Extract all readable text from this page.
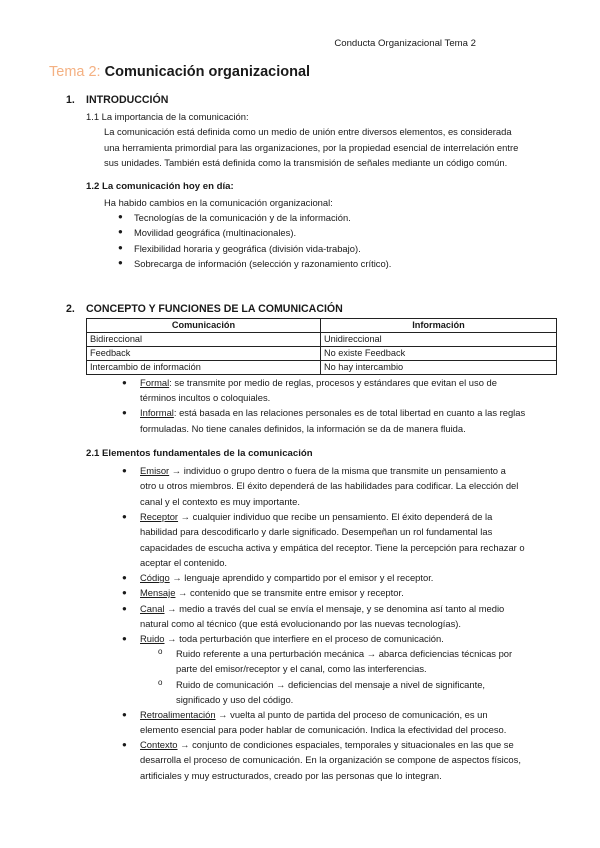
Conducta Organizacional Tema 2
Tema 2: Comunicación organizacional
1. INTRODUCCIÓN
1.1 La importancia de la comunicación:
La comunicación está definida como un medio de unión entre diversos elementos, es considerada
una herramienta primordial para las organizaciones, por la propiedad esencial de interrelación entre
sus unidades. También está definida como la transmisión de señales mediante un código común.
1.2 La comunicación hoy en día:
Ha habido cambios en la comunicación organizacional:
● Tecnologías de la comunicación y de la información.
● Movilidad geográfica (multinacionales).
● Flexibilidad horaria y geográfica (división vida-trabajo).
● Sobrecarga de información (selección y razonamiento crítico).
2. CONCEPTO Y FUNCIONES DE LA COMUNICACIÓN
Comunicación	Información
Bidireccional	Unidireccional
Feedback	No existe Feedback
Intercambio de información	No hay intercambio
● Formal: se transmite por medio de reglas, procesos y estándares que evitan el uso de
términos incultos o coloquiales.
● Informal: está basada en las relaciones personales es de total libertad en cuanto a las reglas
formuladas. No tiene canales definidos, la información se da de manera fluida.
2.1 Elementos fundamentales de la comunicación
● Emisor → individuo o grupo dentro o fuera de la misma que transmite un pensamiento a
otro u otros miembros. El éxito dependerá de las habilidades para codificar. La elección del
canal y el contexto es muy importante.
● Receptor → cualquier individuo que recibe un pensamiento. El éxito dependerá de la
habilidad para descodificarlo y darle significado. Desempeñan un rol fundamental las
capacidades de escucha activa y empática del receptor. Tiene la percepción para rechazar o
aceptar el contenido.
● Código → lenguaje aprendido y compartido por el emisor y el receptor.
● Mensaje → contenido que se transmite entre emisor y receptor.
● Canal → medio a través del cual se envía el mensaje, y se denomina así tanto al medio
natural como al técnico (que está evolucionando por las nuevas tecnologías).
● Ruido → toda perturbación que interfiere en el proceso de comunicación.
o Ruido referente a una perturbación mecánica → abarca deficiencias técnicas por
parte del emisor/receptor y el canal, como las interferencias.
o Ruido de comunicación → deficiencias del mensaje a nivel de significante,
significado y uso del código.
● Retroalimentación → vuelta al punto de partida del proceso de comunicación, es un
elemento esencial para poder hablar de comunicación. Indica la efectividad del proceso.
● Contexto → conjunto de condiciones espaciales, temporales y situacionales en las que se
desarrolla el proceso de comunicación. En la organización se compone de aspectos físicos,
artificiales y muy estructurados, creado por las personas que lo integran.
